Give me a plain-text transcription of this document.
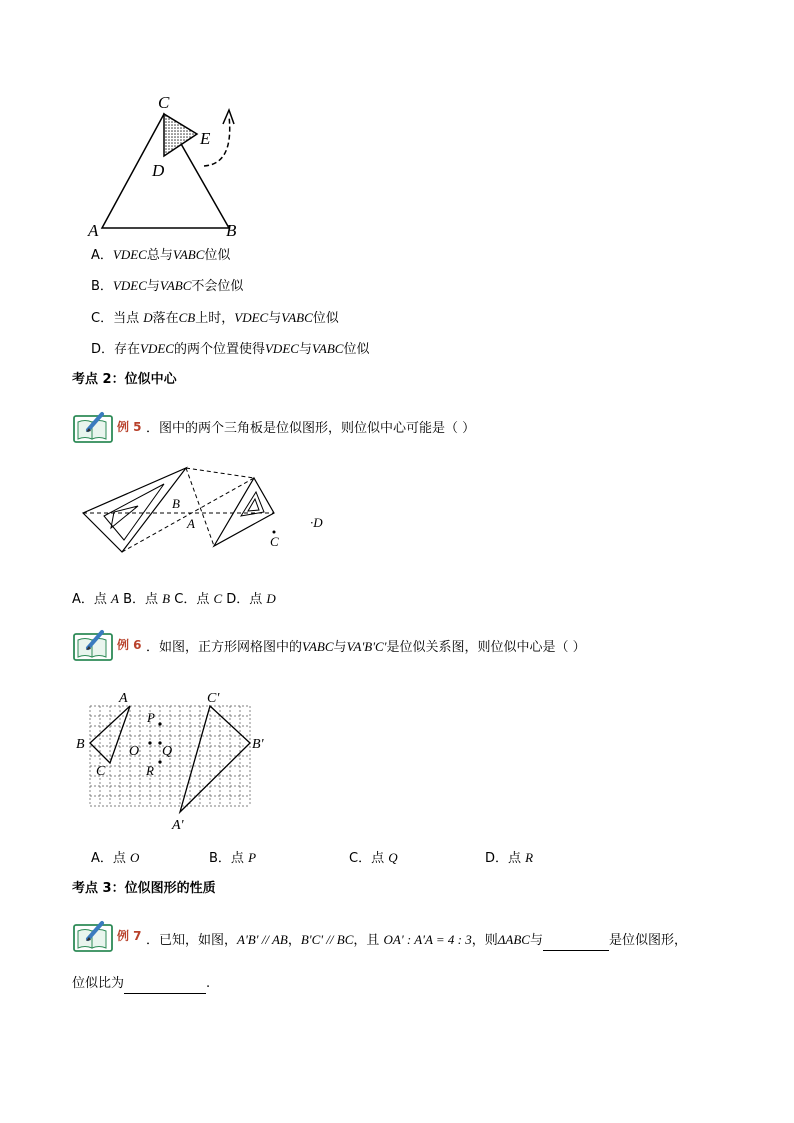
C
E
D
A	B
A．VDEC总与VABC位似
B．VDEC与VABC不会位似
C．当点 D落在CB上时，VDEC与VABC位似
D．存在VDEC的两个位置使得VDEC与VABC位似
考点 2：位似中心
例 5 ．图中的两个三角板是位似图形，则位似中心可能是（ ）
B
A
C
·D
A．点 A B．点 B C．点 C D．点 D
例 6 ．如图，正方形网格图中的VABC与VA'B'C'是位似关系图，则位似中心是（ ）
A
B
C
O
P
Q
R
C'
B'
A'
A．点 O	B．点 P	C．点 Q	D．点 R
考点 3：位似图形的性质
例 7 ．已知，如图，A'B' // AB，B'C' // BC，且 OA' : A'A = 4 : 3，则ΔABC与	是位似图形，
位似比为	.
